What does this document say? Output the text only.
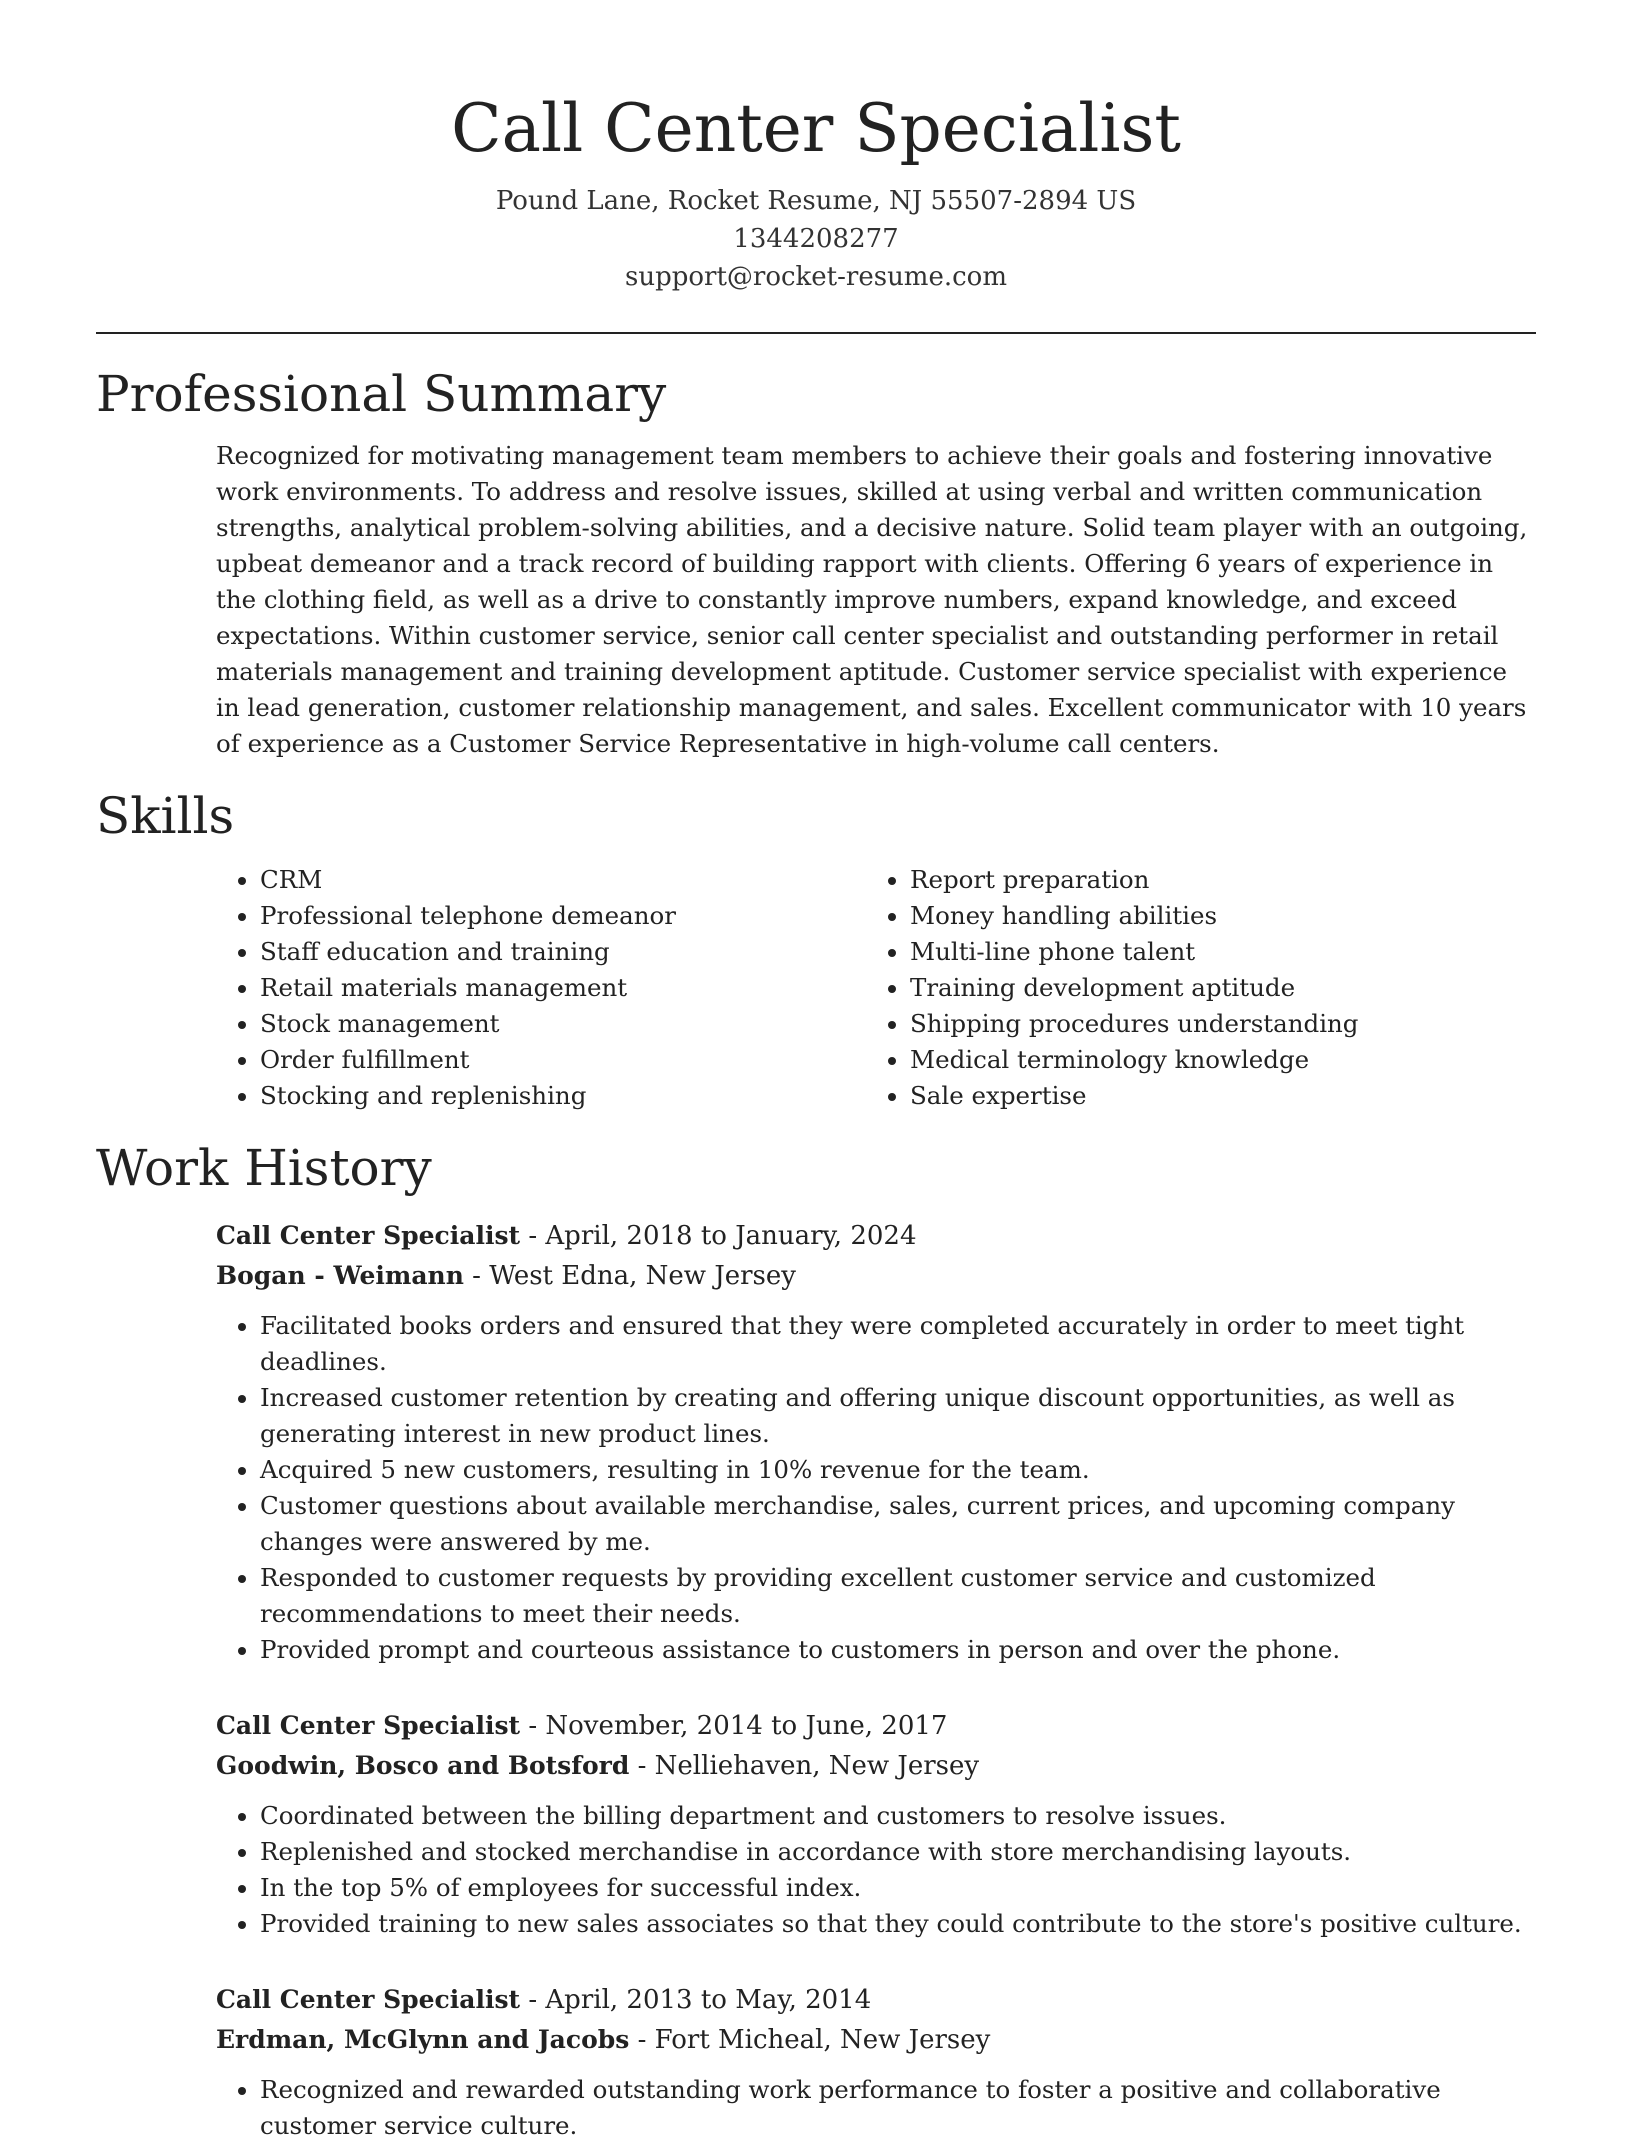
Call Center Specialist
Pound Lane, Rocket Resume, NJ 55507-2894 US
1344208277
support@rocket-resume.com
Professional Summary

Recognized for motivating management team members to achieve their goals and fostering innovative work environments. To address and resolve issues, skilled at using verbal and written communication strengths, analytical problem-solving abilities, and a decisive nature. Solid team player with an outgoing, upbeat demeanor and a track record of building rapport with clients. Offering 6 years of experience in the clothing field, as well as a drive to constantly improve numbers, expand knowledge, and exceed expectations. Within customer service, senior call center specialist and outstanding performer in retail materials management and training development aptitude. Customer service specialist with experience in lead generation, customer relationship management, and sales. Excellent communicator with 10 years of experience as a Customer Service Representative in high-volume call centers.

Skills
• CRM
• Professional telephone demeanor
• Staff education and training
• Retail materials management
• Stock management
• Order fulfillment
• Stocking and replenishing
• Report preparation
• Money handling abilities
• Multi-line phone talent
• Training development aptitude
• Shipping procedures understanding
• Medical terminology knowledge
• Sale expertise
Work History
Call Center Specialist - April, 2018 to January, 2024
Bogan - Weimann - West Edna, New Jersey
• Facilitated books orders and ensured that they were completed accurately in order to meet tight deadlines.
• Increased customer retention by creating and offering unique discount opportunities, as well as generating interest in new product lines.
• Acquired 5 new customers, resulting in 10% revenue for the team.
• Customer questions about available merchandise, sales, current prices, and upcoming company changes were answered by me.
• Responded to customer requests by providing excellent customer service and customized recommendations to meet their needs.
• Provided prompt and courteous assistance to customers in person and over the phone.
Call Center Specialist - November, 2014 to June, 2017
Goodwin, Bosco and Botsford - Nelliehaven, New Jersey
• Coordinated between the billing department and customers to resolve issues.
• Replenished and stocked merchandise in accordance with store merchandising layouts.
• In the top 5% of employees for successful index.
• Provided training to new sales associates so that they could contribute to the store's positive culture.
Call Center Specialist - April, 2013 to May, 2014
Erdman, McGlynn and Jacobs - Fort Micheal, New Jersey
• Recognized and rewarded outstanding work performance to foster a positive and collaborative customer service culture.
